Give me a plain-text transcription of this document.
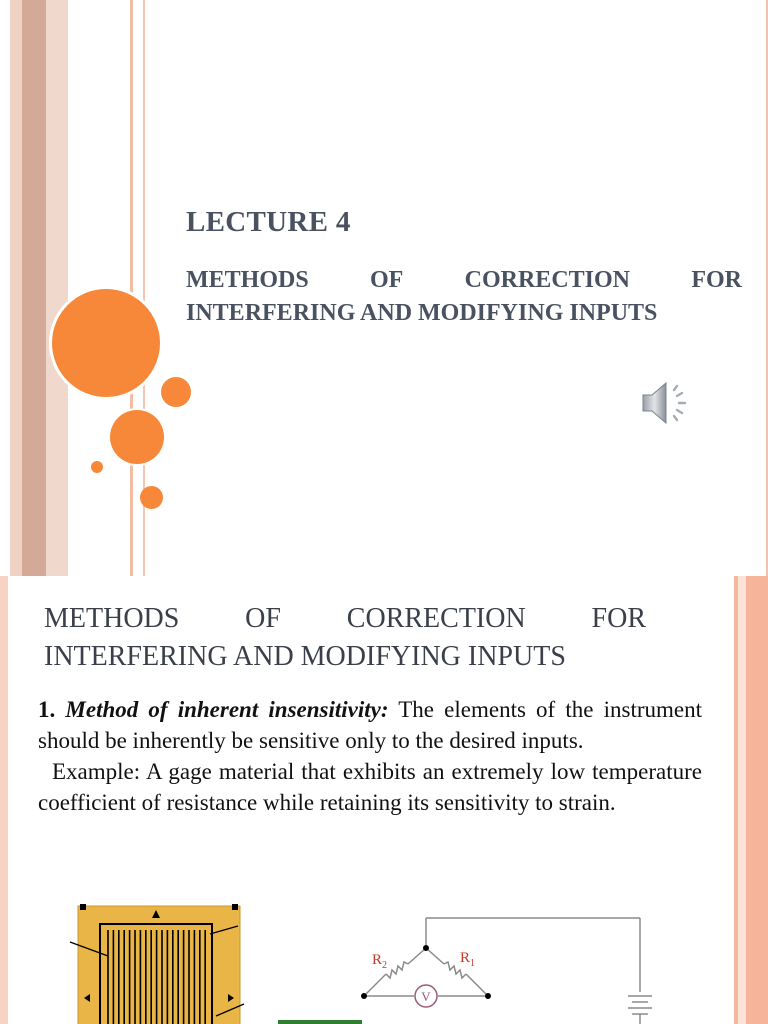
LECTURE 4
METHODS	OF	CORRECTION	FOR
INTERFERING AND MODIFYING INPUTS
METHODS OF CORRECTION FOR
INTERFERING AND MODIFYING INPUTS

1. Method of inherent insensitivity: The elements of the instrument should be inherently be sensitive only to the desired inputs.

Example: A gage material that exhibits an extremely low temperature coefficient of resistance while retaining its sensitivity to strain.

V
R 2	R 1
